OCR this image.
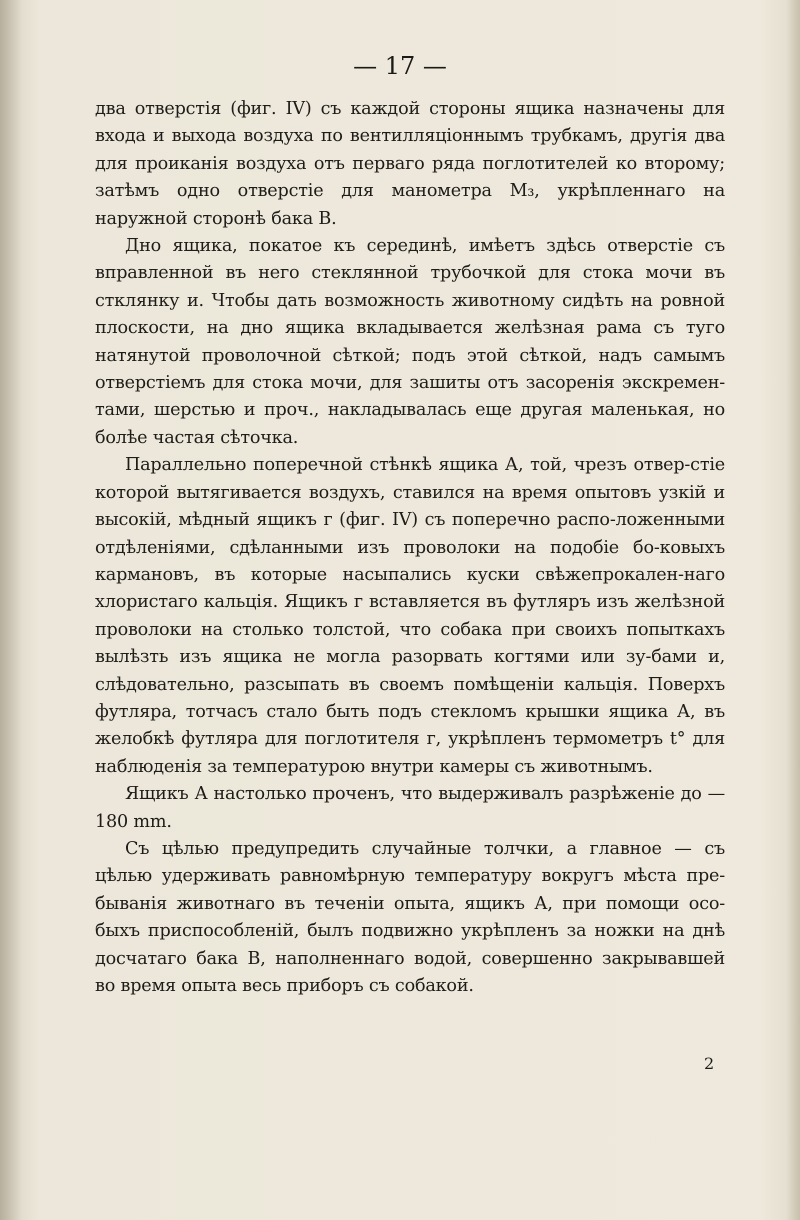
— 17 —

два отверстія (фиг. IV) съ каждой стороны ящика назначены для входа и выхода воздуха по вентилляціоннымъ трубкамъ, другія два для проиканія воздуха отъ перваго ряда поглотителей ко второму; затѣмъ одно отверстіе для манометра M₃, укрѣпленнаго на наружной сторонѣ бака В.

Дно ящика, покатое къ серединѣ, имѣетъ здѣсь отверстіе съ вправленной въ него стеклянной трубочкой для стока мочи въ стклянку и. Чтобы дать возможность животному сидѣть на ровной плоскости, на дно ящика вкладывается желѣзная рама съ туго натянутой проволочной сѣткой; подъ этой сѣткой, надъ самымъ отверстіемъ для стока мочи, для зашиты отъ засоренія экскремен-тами, шерстью и проч., накладывалась еще другая маленькая, но болѣе частая сѣточка.

Параллельно поперечной стѣнкѣ ящика А, той, чрезъ отвер-стіе которой вытягивается воздухъ, ставился на время опытовъ узкій и высокій, мѣдный ящикъ г (фиг. IV) съ поперечно распо-ложенными отдѣленіями, сдѣланными изъ проволоки на подобіе бо-ковыхъ кармановъ, въ которые насыпались куски свѣжепрокален-наго хлористаго кальція. Ящикъ г вставляется въ футляръ изъ желѣзной проволоки на столько толстой, что собака при своихъ попыткахъ вылѣзть изъ ящика не могла разорвать когтями или зу-бами и, слѣдовательно, разсыпать въ своемъ помѣщеніи кальція. Поверхъ футляра, тотчасъ стало быть подъ стекломъ крышки ящика А, въ желобкѣ футляра для поглотителя г, укрѣпленъ термометръ t° для наблюденія за температурою внутри камеры съ животнымъ.

Ящикъ А настолько проченъ, что выдерживалъ разрѣженіе до — 180 mm.

Съ цѣлью предупредить случайные толчки, а главное — съ цѣлью удерживать равномѣрную температуру вокругъ мѣста пре-быванія животнаго въ теченіи опыта, ящикъ А, при помощи осо-быхъ приспособленій, былъ подвижно укрѣпленъ за ножки на днѣ досчатаго бака В, наполненнаго водой, совершенно закрывавшей во время опыта весь приборъ съ собакой.

2
